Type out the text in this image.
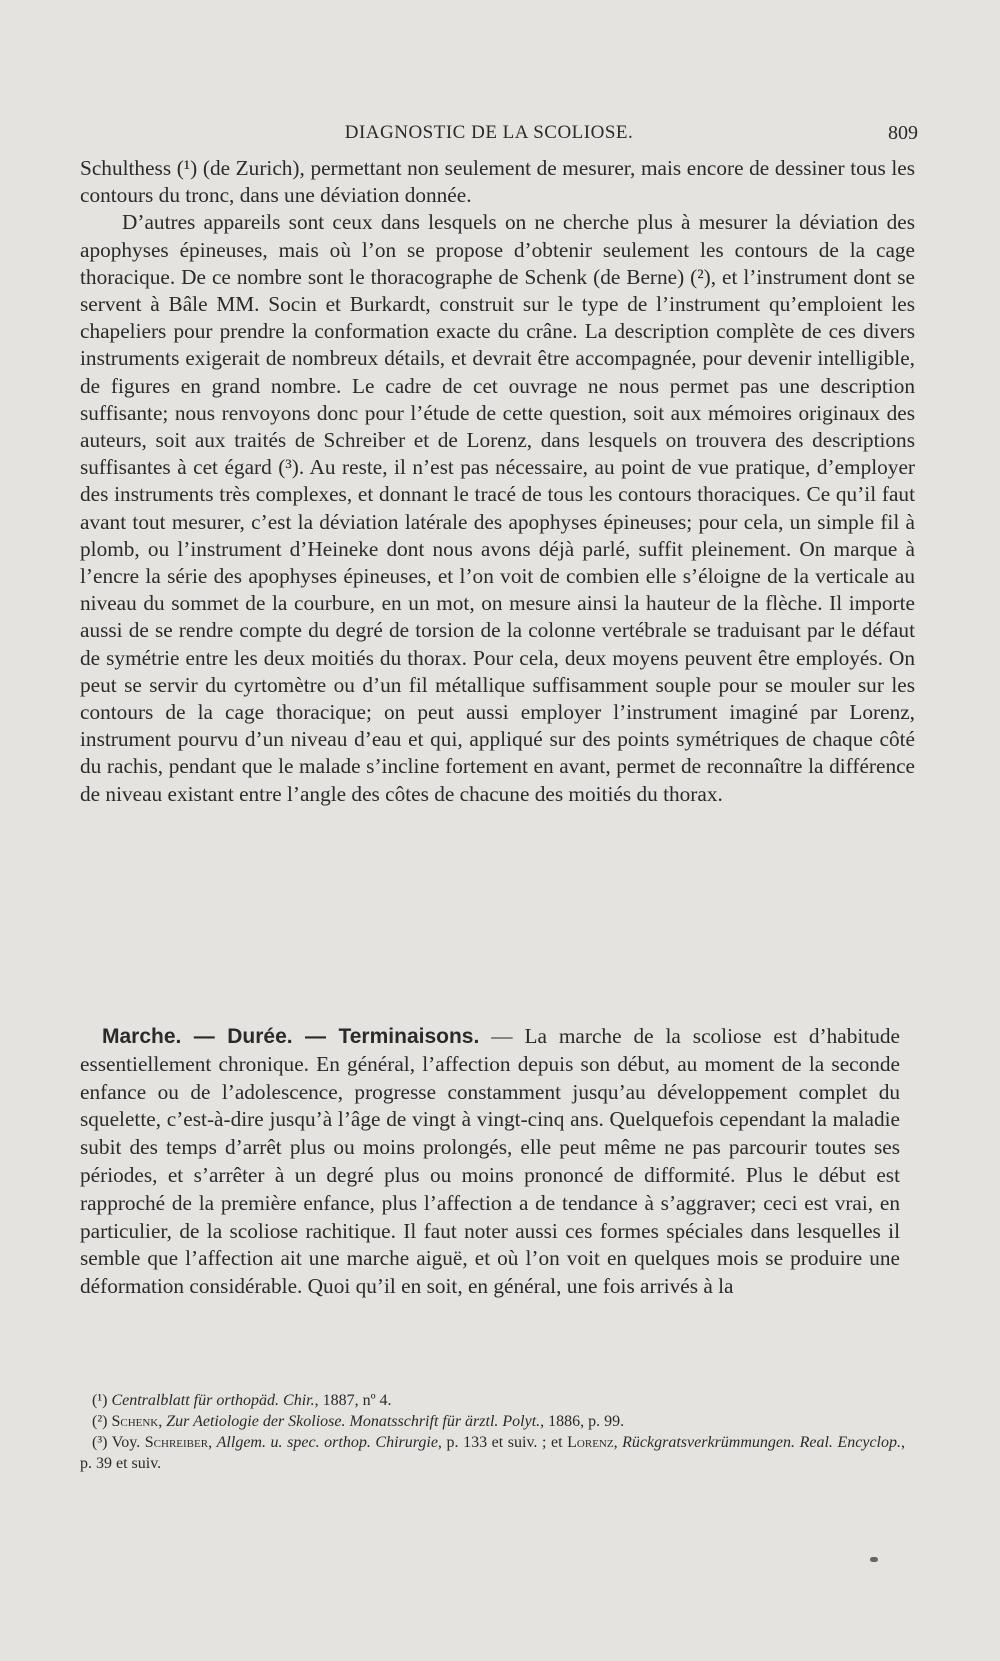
DIAGNOSTIC DE LA SCOLIOSE.	809

Schulthess (¹) (de Zurich), permettant non seulement de mesurer, mais encore de dessiner tous les contours du tronc, dans une déviation donnée.

D’autres appareils sont ceux dans lesquels on ne cherche plus à mesurer la déviation des apophyses épineuses, mais où l’on se propose d’obtenir seulement les contours de la cage thoracique. De ce nombre sont le thoracographe de Schenk (de Berne) (²), et l’instrument dont se servent à Bâle MM. Socin et Burkardt, construit sur le type de l’instrument qu’emploient les chapeliers pour prendre la conformation exacte du crâne. La description complète de ces divers instruments exigerait de nombreux détails, et devrait être accompagnée, pour devenir intelligible, de figures en grand nombre. Le cadre de cet ouvrage ne nous permet pas une description suffisante; nous renvoyons donc pour l’étude de cette question, soit aux mémoires originaux des auteurs, soit aux traités de Schreiber et de Lorenz, dans lesquels on trouvera des descriptions suffisantes à cet égard (³). Au reste, il n’est pas nécessaire, au point de vue pratique, d’employer des instruments très complexes, et donnant le tracé de tous les contours thoraciques. Ce qu’il faut avant tout mesurer, c’est la déviation latérale des apophyses épineuses; pour cela, un simple fil à plomb, ou l’instrument d’Heineke dont nous avons déjà parlé, suffit pleinement. On marque à l’encre la série des apophyses épineuses, et l’on voit de combien elle s’éloigne de la verticale au niveau du sommet de la courbure, en un mot, on mesure ainsi la hauteur de la flèche. Il importe aussi de se rendre compte du degré de torsion de la colonne vertébrale se traduisant par le défaut de symétrie entre les deux moitiés du thorax. Pour cela, deux moyens peuvent être employés. On peut se servir du cyrtomètre ou d’un fil métallique suffisamment souple pour se mouler sur les contours de la cage thoracique; on peut aussi employer l’instrument imaginé par Lorenz, instrument pourvu d’un niveau d’eau et qui, appliqué sur des points symétriques de chaque côté du rachis, pendant que le malade s’incline fortement en avant, permet de reconnaître la différence de niveau existant entre l’angle des côtes de chacune des moitiés du thorax.

Marche. — Durée. — Terminaisons. — La marche de la scoliose est d’habitude essentiellement chronique. En général, l’affection depuis son début, au moment de la seconde enfance ou de l’adolescence, progresse constamment jusqu’au développement complet du squelette, c’est-à-dire jusqu’à l’âge de vingt à vingt-cinq ans. Quelquefois cependant la maladie subit des temps d’arrêt plus ou moins prolongés, elle peut même ne pas parcourir toutes ses périodes, et s’arrêter à un degré plus ou moins prononcé de difformité. Plus le début est rapproché de la première enfance, plus l’affection a de tendance à s’aggraver; ceci est vrai, en particulier, de la scoliose rachitique. Il faut noter aussi ces formes spéciales dans lesquelles il semble que l’affection ait une marche aiguë, et où l’on voit en quelques mois se produire une déformation considérable. Quoi qu’il en soit, en général, une fois arrivés à la

(¹) Centralblatt für orthopäd. Chir., 1887, nº 4.

(²) Schenk, Zur Aetiologie der Skoliose. Monatsschrift für ärztl. Polyt., 1886, p. 99.

(³) Voy. Schreiber, Allgem. u. spec. orthop. Chirurgie, p. 133 et suiv. ; et Lorenz, Rückgratsverkrümmungen. Real. Encyclop., p. 39 et suiv.
